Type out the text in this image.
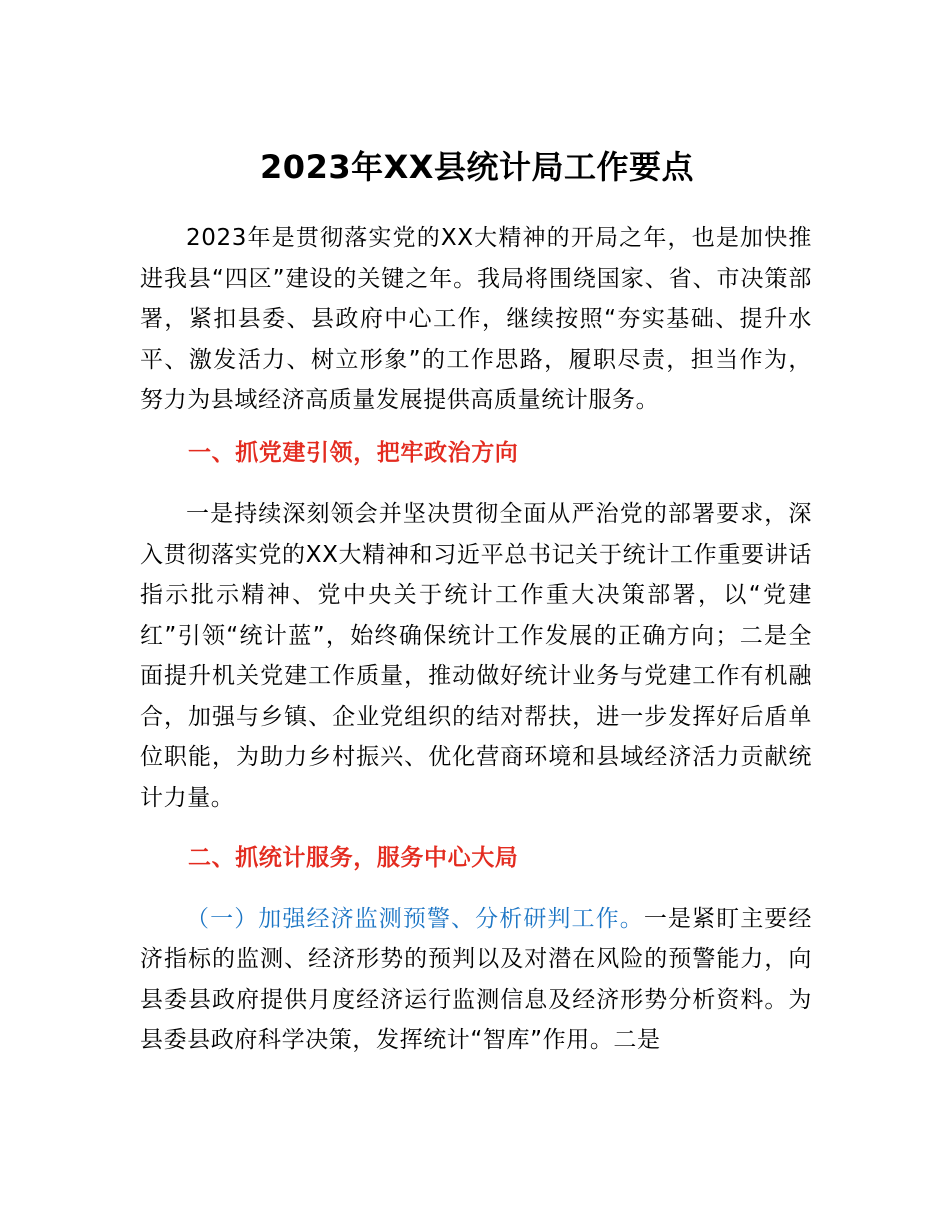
2023年XX县统计局工作要点

2023年是贯彻落实党的XX大精神的开局之年，也是加快推进我县“四区”建设的关键之年。我局将围绕国家、省、市决策部署，紧扣县委、县政府中心工作，继续按照“夯实基础、提升水平、激发活力、树立形象”的工作思路，履职尽责，担当作为，努力为县域经济高质量发展提供高质量统计服务。

一、抓党建引领，把牢政治方向

一是持续深刻领会并坚决贯彻全面从严治党的部署要求，深入贯彻落实党的XX大精神和习近平总书记关于统计工作重要讲话指示批示精神、党中央关于统计工作重大决策部署，以“党建红”引领“统计蓝”，始终确保统计工作发展的正确方向；二是全面提升机关党建工作质量，推动做好统计业务与党建工作有机融合，加强与乡镇、企业党组织的结对帮扶，进一步发挥好后盾单位职能，为助力乡村振兴、优化营商环境和县域经济活力贡献统计力量。

二、抓统计服务，服务中心大局

（一）加强经济监测预警、分析研判工作。一是紧盯主要经济指标的监测、经济形势的预判以及对潜在风险的预警能力，向县委县政府提供月度经济运行监测信息及经济形势分析资料。为县委县政府科学决策，发挥统计“智库”作用。二是
